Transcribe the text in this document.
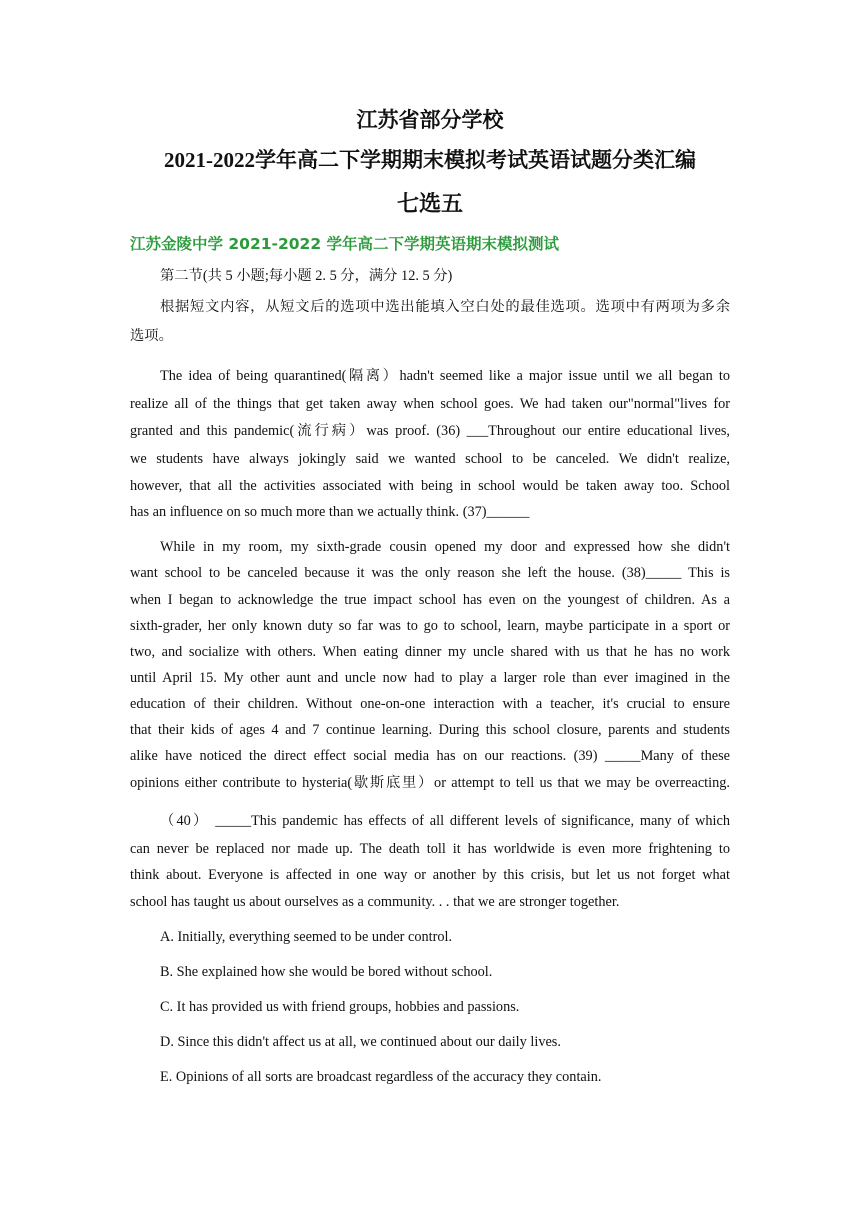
江苏省部分学校
2021-2022学年高二下学期期末模拟考试英语试题分类汇编
七选五
江苏金陵中学 2021-2022 学年高二下学期英语期末模拟测试
第二节(共 5 小题;每小题 2. 5 分，满分 12. 5 分)
根据短文内容，从短文后的选项中选出能填入空白处的最佳选项。选项中有两项为多余
选项。
The idea of being quarantined(隔离）hadn't seemed like a major issue until we all began to
realize all of the things that get taken away when school goes. We had taken our"normal"lives for
granted and this pandemic(流行病）was proof. (36) ___Throughout our entire educational lives,
we students have always jokingly said we wanted school to be canceled. We didn't realize,
however, that all the activities associated with being in school would be taken away too. School
has an influence on so much more than we actually think. (37)______
While in my room, my sixth-grade cousin opened my door and expressed how she didn't
want school to be canceled because it was the only reason she left the house. (38)_____ This is
when I began to acknowledge the true impact school has even on the youngest of children. As a
sixth-grader, her only known duty so far was to go to school, learn, maybe participate in a sport or
two, and socialize with others. When eating dinner my uncle shared with us that he has no work
until April 15. My other aunt and uncle now had to play a larger role than ever imagined in the
education of their children. Without one-on-one interaction with a teacher, it's crucial to ensure
that their kids of ages 4 and 7 continue learning. During this school closure, parents and students
alike have noticed the direct effect social media has on our reactions. (39) _____Many of these
opinions either contribute to hysteria(歇斯底里）or attempt to tell us that we may be overreacting.
（40） _____This pandemic has effects of all different levels of significance, many of which
can never be replaced nor made up. The death toll it has worldwide is even more frightening to
think about. Everyone is affected in one way or another by this crisis, but let us not forget what
school has taught us about ourselves as a community. . . that we are stronger together.
A. Initially, everything seemed to be under control.
B. She explained how she would be bored without school.
C. It has provided us with friend groups, hobbies and passions.
D. Since this didn't affect us at all, we continued about our daily lives.
E. Opinions of all sorts are broadcast regardless of the accuracy they contain.
